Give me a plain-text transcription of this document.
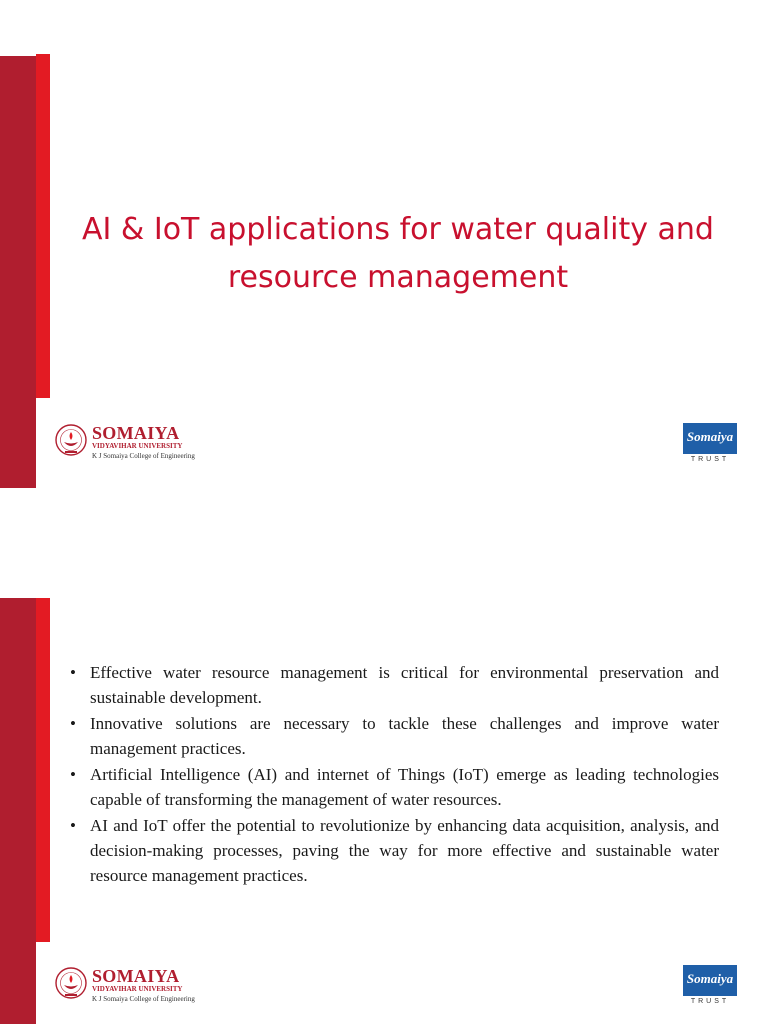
AI & IoT applications for water quality and resource management
SOMAIYA
VIDYAVIHAR UNIVERSITY
K J Somaiya College of Engineering
Somaiya
TRUST
• Effective water resource management is critical for environmental preservation and sustainable development.
• Innovative solutions are necessary to tackle these challenges and improve water management practices.
• Artificial Intelligence (AI) and internet of Things (IoT) emerge as leading technologies capable of transforming the management of water resources.
• AI and IoT offer the potential to revolutionize by enhancing data acquisition, analysis, and decision-making processes, paving the way for more effective and sustainable water resource management practices.
SOMAIYA
VIDYAVIHAR UNIVERSITY
K J Somaiya College of Engineering
Somaiya
TRUST
